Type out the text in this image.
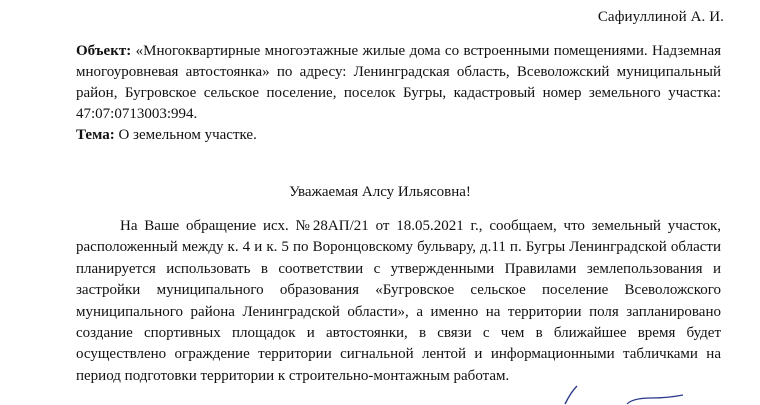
Сафиуллиной А. И.

Объект: «Многоквартирные многоэтажные жилые дома со встроенными помещениями. Надземная многоуровневая автостоянка» по адресу: Ленинградская область, Всеволожский муниципальный район, Бугровское сельское поселение, поселок Бугры, кадастровый номер земельного участка: 47:07:0713003:994.

Тема: О земельном участке.

Уважаемая Алсу Ильясовна!

На Ваше обращение исх. №28АП/21 от 18.05.2021 г., сообщаем, что земельный участок, расположенный между к. 4 и к. 5 по Воронцовскому бульвару, д.11 п. Бугры Ленинградской области планируется использовать в соответствии с утвержденными Правилами землепользования и застройки муниципального образования «Бугровское сельское поселение Всеволожского муниципального района Ленинградской области», а именно на территории поля запланировано создание спортивных площадок и автостоянки, в связи с чем в ближайшее время будет осуществлено ограждение территории сигнальной лентой и информационными табличками на период подготовки территории к строительно-монтажным работам.
